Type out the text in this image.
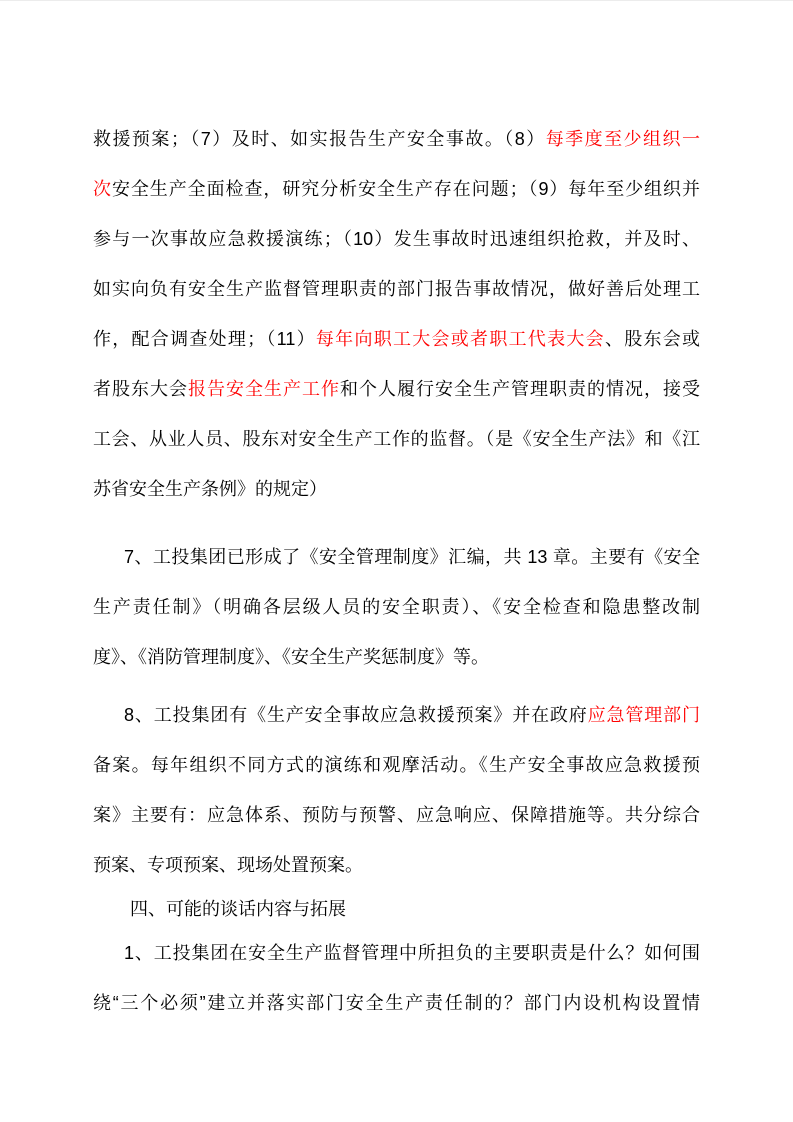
救援预案；（7）及时、如实报告生产安全事故。（8）每季度至少组织一
次安全生产全面检查，研究分析安全生产存在问题；（9）每年至少组织并
参与一次事故应急救援演练；（10）发生事故时迅速组织抢救，并及时、
如实向负有安全生产监督管理职责的部门报告事故情况，做好善后处理工
作，配合调查处理；（11）每年向职工大会或者职工代表大会、股东会或
者股东大会报告安全生产工作和个人履行安全生产管理职责的情况，接受
工会、从业人员、股东对安全生产工作的监督。（是《安全生产法》和《江
苏省安全生产条例》的规定）
7、工投集团已形成了《安全管理制度》汇编，共 13 章。主要有《安全
生产责任制》（明确各层级人员的安全职责）、《安全检查和隐患整改制
度》、《消防管理制度》、《安全生产奖惩制度》等。
8、工投集团有《生产安全事故应急救援预案》并在政府应急管理部门
备案。每年组织不同方式的演练和观摩活动。《生产安全事故应急救援预
案》主要有：应急体系、预防与预警、应急响应、保障措施等。共分综合
预案、专项预案、现场处置预案。
四、可能的谈话内容与拓展
1、工投集团在安全生产监督管理中所担负的主要职责是什么？如何围
绕“三个必须”建立并落实部门安全生产责任制的？部门内设机构设置情
